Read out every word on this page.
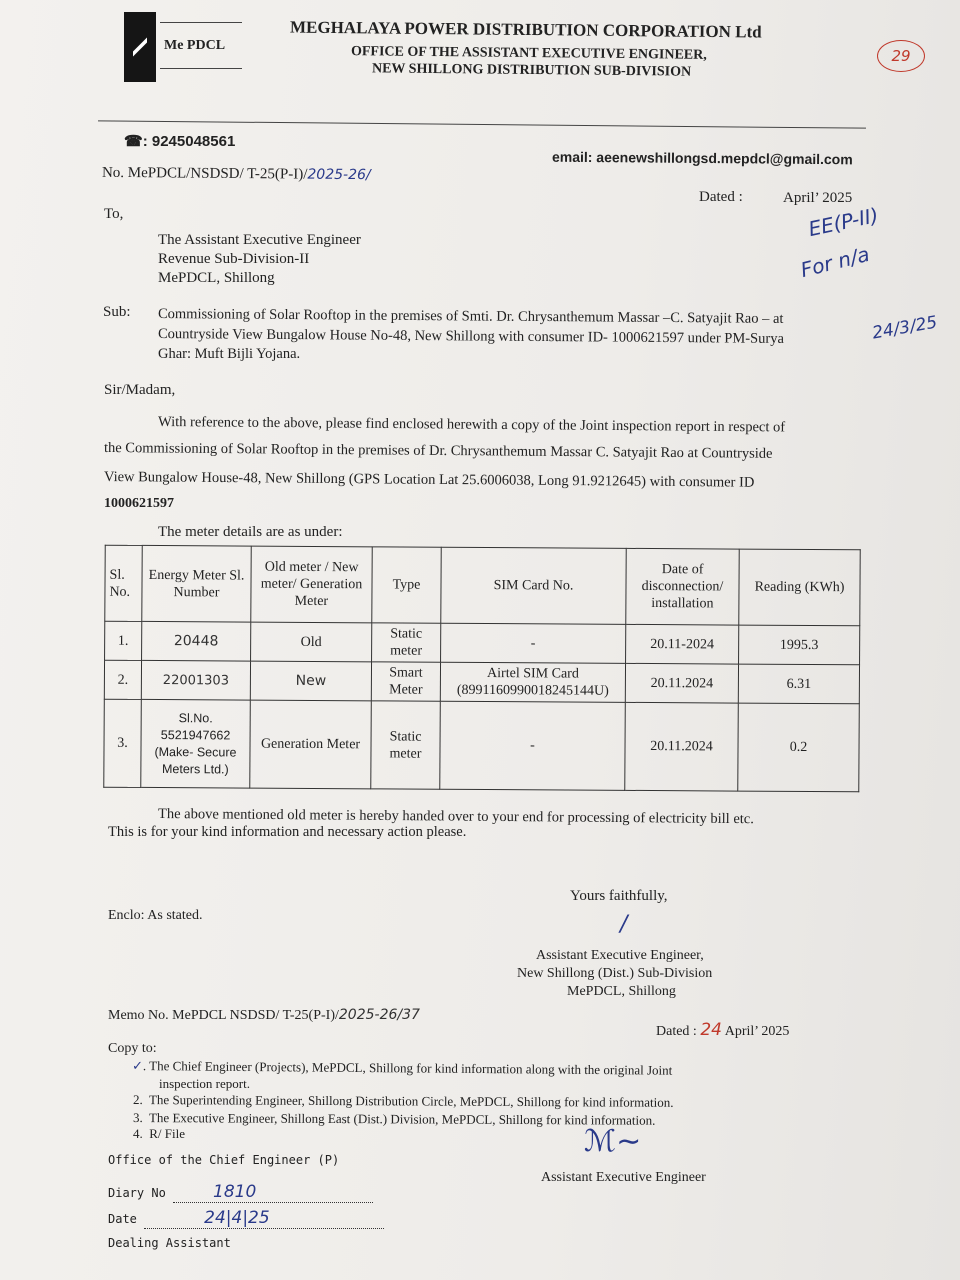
Me PDCL
MEGHALAYA POWER DISTRIBUTION CORPORATION Ltd
OFFICE OF THE ASSISTANT EXECUTIVE ENGINEER,
NEW SHILLONG DISTRIBUTION SUB-DIVISION
29
☎: 9245048561
email: aeenewshillongsd.mepdcl@gmail.com
No. MePDCL/NSDSD/ T-25(P-I)/2025-26/
Dated :	April’ 2025
To,
The Assistant Executive Engineer
Revenue Sub-Division-II
MePDCL, Shillong
EE(P-II)
For n/a
24/3/25
Sub: Commissioning of Solar Rooftop in the premises of Smti. Dr. Chrysanthemum Massar –C. Satyajit Rao – at
Countryside View Bungalow House No-48, New Shillong with consumer ID- 1000621597 under PM-Surya
Ghar: Muft Bijli Yojana.
Sir/Madam,
With reference to the above, please find enclosed herewith a copy of the Joint inspection report in respect of
the Commissioning of Solar Rooftop in the premises of Dr. Chrysanthemum Massar C. Satyajit Rao at Countryside
View Bungalow House-48, New Shillong (GPS Location Lat 25.6006038, Long 91.9212645) with consumer ID
1000621597
The meter details are as under:
Sl. No.	Energy Meter Sl. Number	Old meter / New meter/ Generation Meter	Type	SIM Card No.	Date of disconnection/ installation	Reading (KWh)
1.	20448	Old	Static meter	-	20.11-2024	1995.3
2.	22001303	New	Smart Meter	Airtel SIM Card (8991160990018245144U)	20.11.2024	6.31
3.	Sl.No. 5521947662 (Make- Secure Meters Ltd.)	Generation Meter	Static meter	-	20.11.2024	0.2
The above mentioned old meter is hereby handed over to your end for processing of electricity bill etc.
This is for your kind information and necessary action please.
Yours faithfully,
/
Enclo: As stated.
Assistant Executive Engineer,
New Shillong (Dist.) Sub-Division
MePDCL, Shillong
Memo No. MePDCL NSDSD/ T-25(P-I)/2025-26/37
Dated : 24 April’ 2025
Copy to:
✓. The Chief Engineer (Projects), MePDCL, Shillong for kind information along with the original Joint
inspection report.
2.  The Superintending Engineer, Shillong Distribution Circle, MePDCL, Shillong for kind information.
3.  The Executive Engineer, Shillong East (Dist.) Division, MePDCL, Shillong for kind information.
4.  R/ File	ℳ∼
Assistant Executive Engineer
Office of the Chief Engineer (P)
Diary No	1810
Date	24|4|25
Dealing Assistant
